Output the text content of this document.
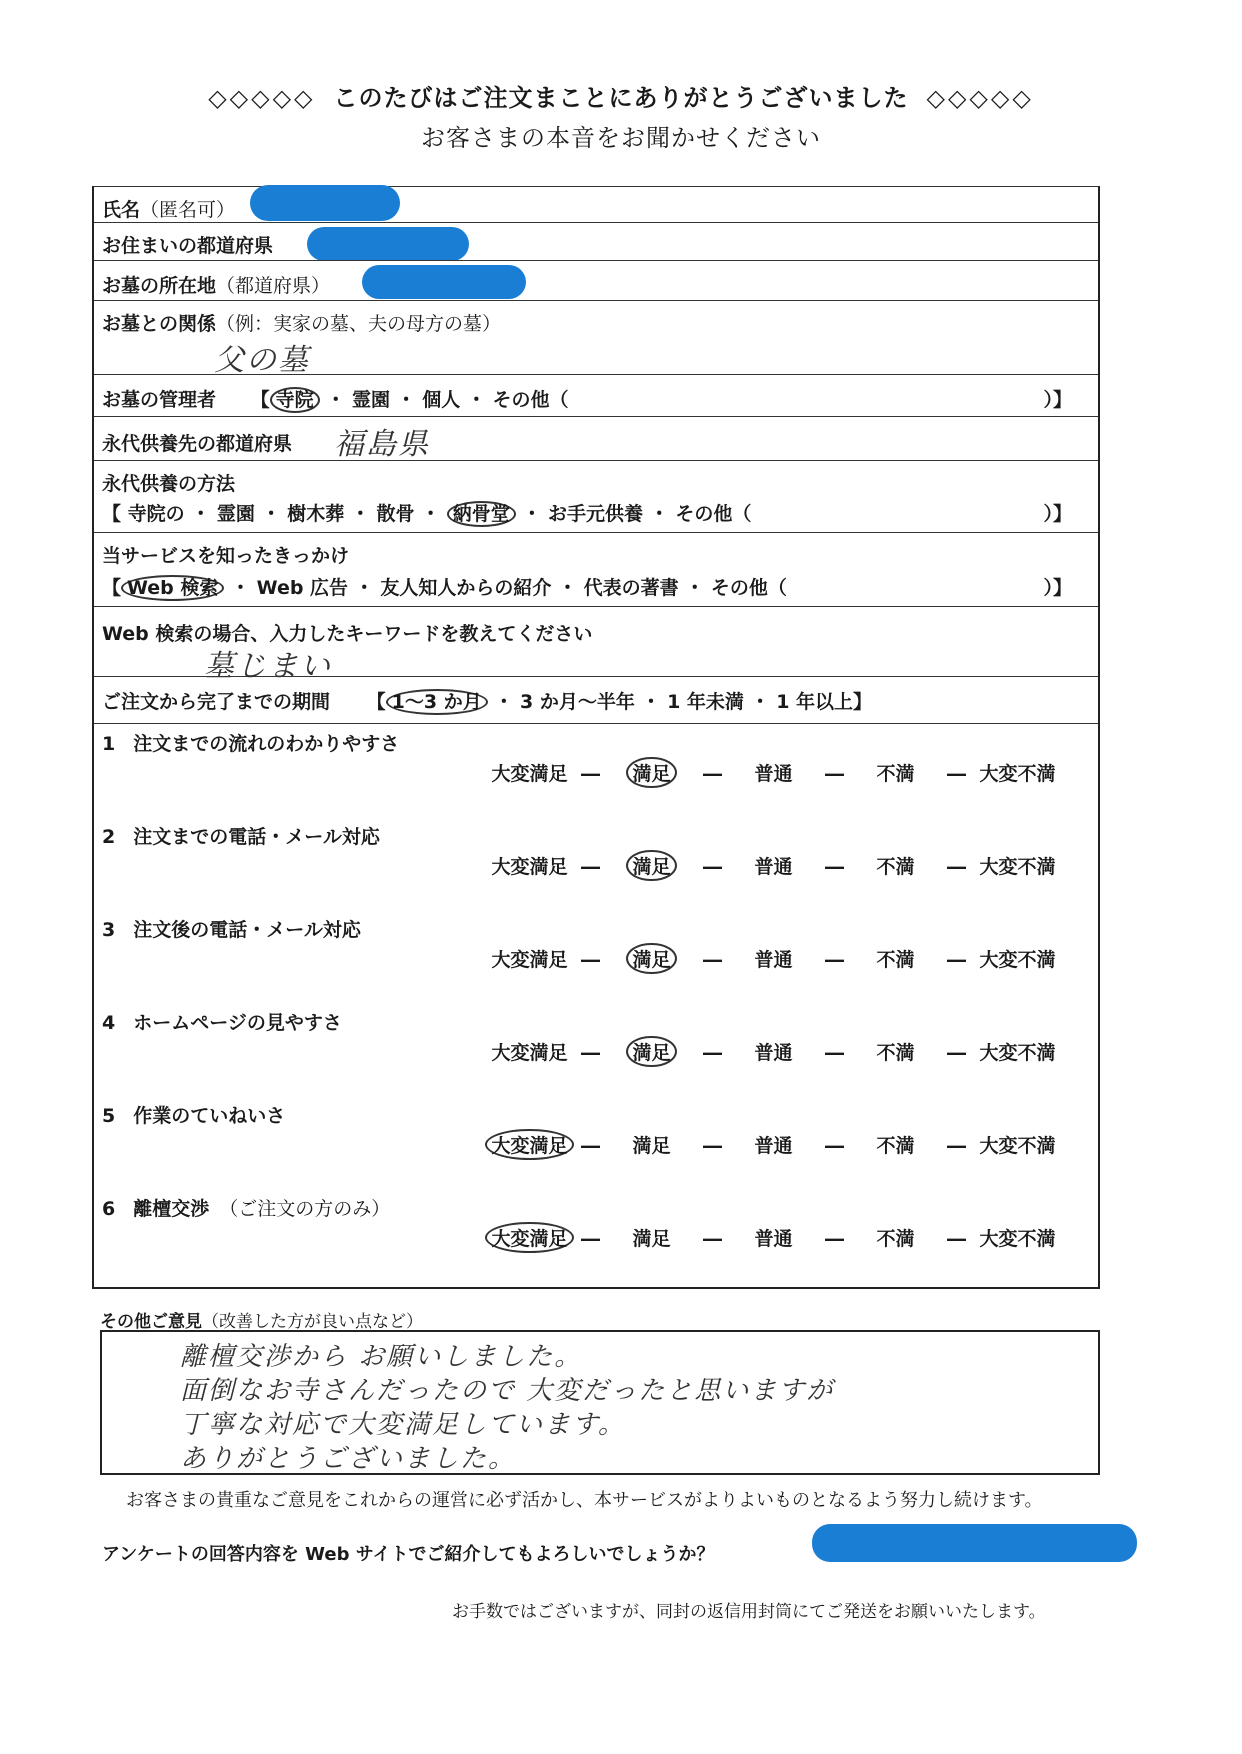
◇◇◇◇◇ このたびはご注文まことにありがとうございました ◇◇◇◇◇
お客さまの本音をお聞かせください
氏名（匿名可）
お住まいの都道府県
お墓の所在地（都道府県）
お墓との関係（例：実家の墓、夫の母方の墓）
父の墓
お墓の管理者 【 寺院 ・ 霊園 ・ 個人 ・ その他（	）】
永代供養先の都道府県 福島県
永代供養の方法
【 寺院の ・ 霊園 ・ 樹木葬 ・ 散骨 ・ 納骨堂 ・ お手元供養 ・ その他（	）】
当サービスを知ったきっかけ
【 Web 検索 ・ Web 広告 ・ 友人知人からの紹介 ・ 代表の著書 ・ その他（	）】
Web 検索の場合、入力したキーワードを教えてください
墓じまい
ご注文から完了までの期間 【 1～3 か月 ・ 3 か月～半年 ・ 1 年未満 ・ 1 年以上】
1 注文までの流れのわかりやすさ
大変満足 ― 満足 ― 普通 ― 不満 ― 大変不満
2 注文までの電話・メール対応
大変満足 ― 満足 ― 普通 ― 不満 ― 大変不満
3 注文後の電話・メール対応
大変満足 ― 満足 ― 普通 ― 不満 ― 大変不満
4 ホームページの見やすさ
大変満足 ― 満足 ― 普通 ― 不満 ― 大変不満
5 作業のていねいさ
大変満足 ― 満足 ― 普通 ― 不満 ― 大変不満
6 離檀交渉 （ご注文の方のみ）
大変満足 ― 満足 ― 普通 ― 不満 ― 大変不満
その他ご意見（改善した方が良い点など）
離檀交渉から お願いしました。
面倒なお寺さんだったので 大変だったと思いますが
丁寧な対応で大変満足しています。
ありがとうございました。
お客さまの貴重なご意見をこれからの運営に必ず活かし、本サービスがよりよいものとなるよう努力し続けます。
アンケートの回答内容を Web サイトでご紹介してもよろしいでしょうか？
お手数ではございますが、同封の返信用封筒にてご発送をお願いいたします。
